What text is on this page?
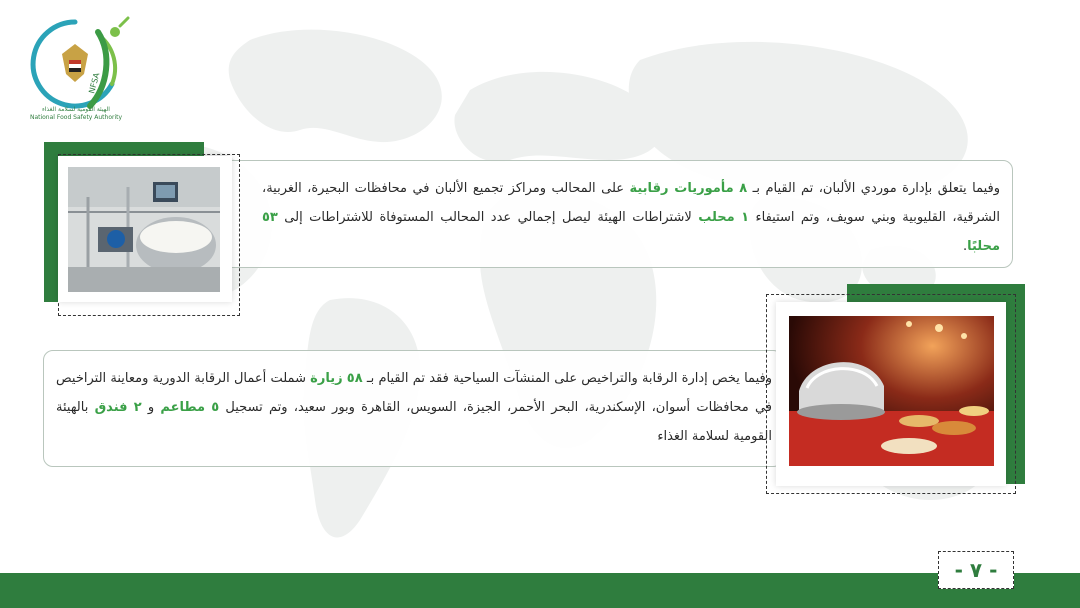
NFSA
الهيئة القومية لسلامة الغذاء
National Food Safety Authority
وفيما يتعلق بإدارة موردي الألبان، تم القيام بـ ٨ مأموريات رقابية على المحالب ومراكز تجميع الألبان في محافظات البحيرة، الغربية، الشرقية، القليوبية وبني سويف، وتم استيفاء ١ محلب لاشتراطات الهيئة ليصل إجمالي عدد المحالب المستوفاة للاشتراطات إلى ٥٣ محلبًا.
وفيما يخص إدارة الرقابة والتراخيص على المنشآت السياحية فقد تم القيام بـ ٥٨ زيارة شملت أعمال الرقابة الدورية ومعاينة التراخيص في محافظات أسوان، الإسكندرية، البحر الأحمر، الجيزة، السويس، القاهرة وبور سعيد، وتم تسجيل ٥ مطاعم و ٢ فندق بالهيئة القومية لسلامة الغذاء
- ٧ -
